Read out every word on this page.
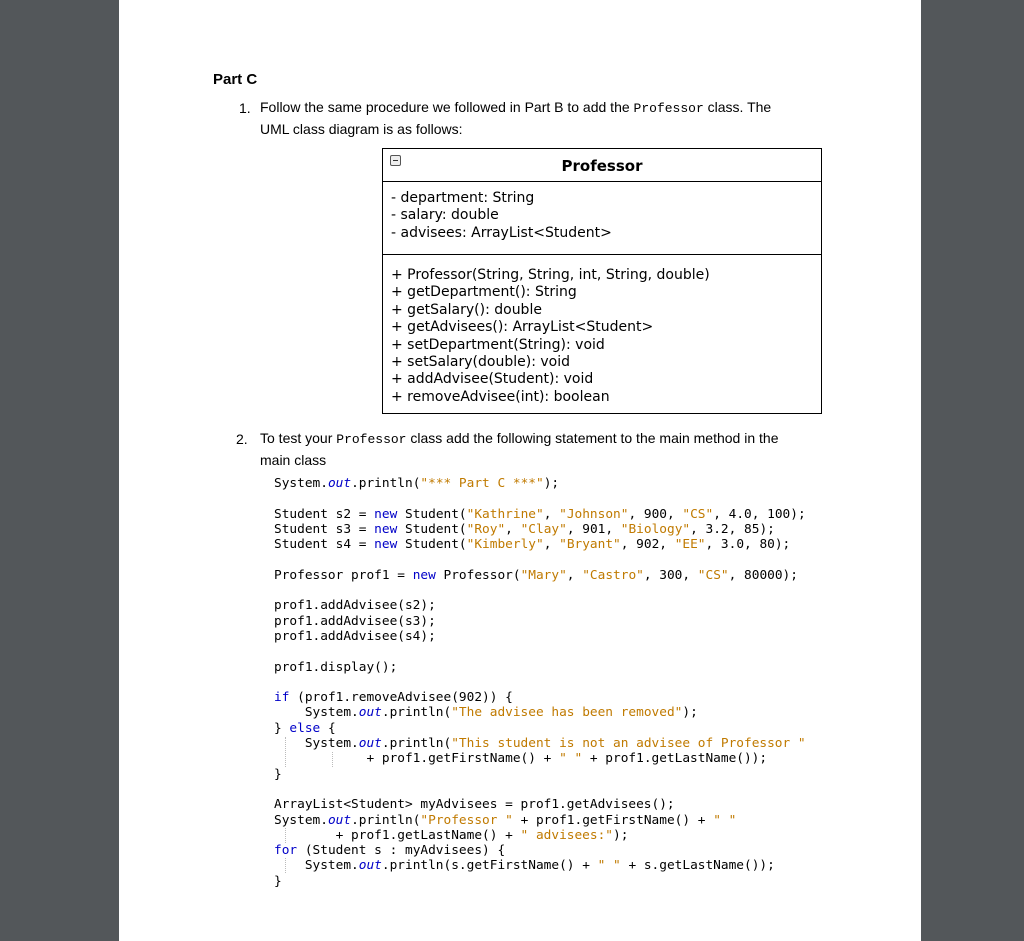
Part C
1. Follow the same procedure we followed in Part B to add the Professor class. The
UML class diagram is as follows:
Professor
- department: String
- salary: double
- advisees: ArrayList<Student>
+ Professor(String, String, int, String, double)
+ getDepartment(): String
+ getSalary(): double
+ getAdvisees(): ArrayList<Student>
+ setDepartment(String): void
+ setSalary(double): void
+ addAdvisee(Student): void
+ removeAdvisee(int): boolean
2. To test your Professor class add the following statement to the main method in the
main class
System.out.println("*** Part C ***");

Student s2 = new Student("Kathrine", "Johnson", 900, "CS", 4.0, 100);
Student s3 = new Student("Roy", "Clay", 901, "Biology", 3.2, 85);
Student s4 = new Student("Kimberly", "Bryant", 902, "EE", 3.0, 80);

Professor prof1 = new Professor("Mary", "Castro", 300, "CS", 80000);

prof1.addAdvisee(s2);
prof1.addAdvisee(s3);
prof1.addAdvisee(s4);

prof1.display();

if (prof1.removeAdvisee(902)) {
System.out.println("The advisee has been removed");
} else {
System.out.println("This student is not an advisee of Professor "
+ prof1.getFirstName() + " " + prof1.getLastName());
}

ArrayList<Student> myAdvisees = prof1.getAdvisees();
System.out.println("Professor " + prof1.getFirstName() + " "
+ prof1.getLastName() + " advisees:");
for (Student s : myAdvisees) {
System.out.println(s.getFirstName() + " " + s.getLastName());
}
